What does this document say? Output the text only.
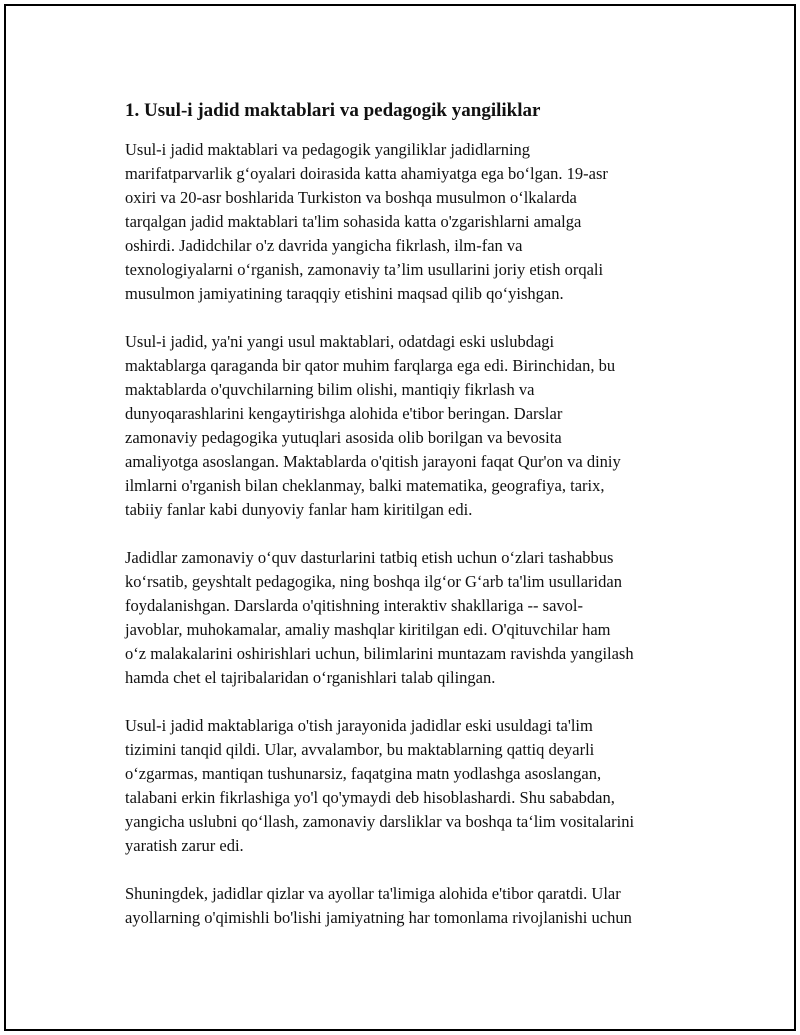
1. Usul-i jadid maktablari va pedagogik yangiliklar

Usul-i jadid maktablari va pedagogik yangiliklar jadidlarning
marifatparvarlik g‘oyalari doirasida katta ahamiyatga ega bo‘lgan. 19-asr
oxiri va 20-asr boshlarida Turkiston va boshqa musulmon o‘lkalarda
tarqalgan jadid maktablari ta'lim sohasida katta o'zgarishlarni amalga
oshirdi. Jadidchilar o'z davrida yangicha fikrlash, ilm-fan va
texnologiyalarni o‘rganish, zamonaviy ta’lim usullarini joriy etish orqali
musulmon jamiyatining taraqqiy etishini maqsad qilib qo‘yishgan.

Usul-i jadid, ya'ni yangi usul maktablari, odatdagi eski uslubdagi
maktablarga qaraganda bir qator muhim farqlarga ega edi. Birinchidan, bu
maktablarda o'quvchilarning bilim olishi, mantiqiy fikrlash va
dunyoqarashlarini kengaytirishga alohida e'tibor beringan. Darslar
zamonaviy pedagogika yutuqlari asosida olib borilgan va bevosita
amaliyotga asoslangan. Maktablarda o'qitish jarayoni faqat Qur'on va diniy
ilmlarni o'rganish bilan cheklanmay, balki matematika, geografiya, tarix,
tabiiy fanlar kabi dunyoviy fanlar ham kiritilgan edi.

Jadidlar zamonaviy o‘quv dasturlarini tatbiq etish uchun o‘zlari tashabbus
ko‘rsatib, geyshtalt pedagogika, ning boshqa ilg‘or G‘arb ta'lim usullaridan
foydalanishgan. Darslarda o'qitishning interaktiv shakllariga -- savol-
javoblar, muhokamalar, amaliy mashqlar kiritilgan edi. O'qituvchilar ham
o‘z malakalarini oshirishlari uchun, bilimlarini muntazam ravishda yangilash
hamda chet el tajribalaridan o‘rganishlari talab qilingan.

Usul-i jadid maktablariga o'tish jarayonida jadidlar eski usuldagi ta'lim
tizimini tanqid qildi. Ular, avvalambor, bu maktablarning qattiq deyarli
o‘zgarmas, mantiqan tushunarsiz, faqatgina matn yodlashga asoslangan,
talabani erkin fikrlashiga yo'l qo'ymaydi deb hisoblashardi. Shu sababdan,
yangicha uslubni qo‘llash, zamonaviy darsliklar va boshqa ta‘lim vositalarini
yaratish zarur edi.

Shuningdek, jadidlar qizlar va ayollar ta'limiga alohida e'tibor qaratdi. Ular
ayollarning o'qimishli bo'lishi jamiyatning har tomonlama rivojlanishi uchun
